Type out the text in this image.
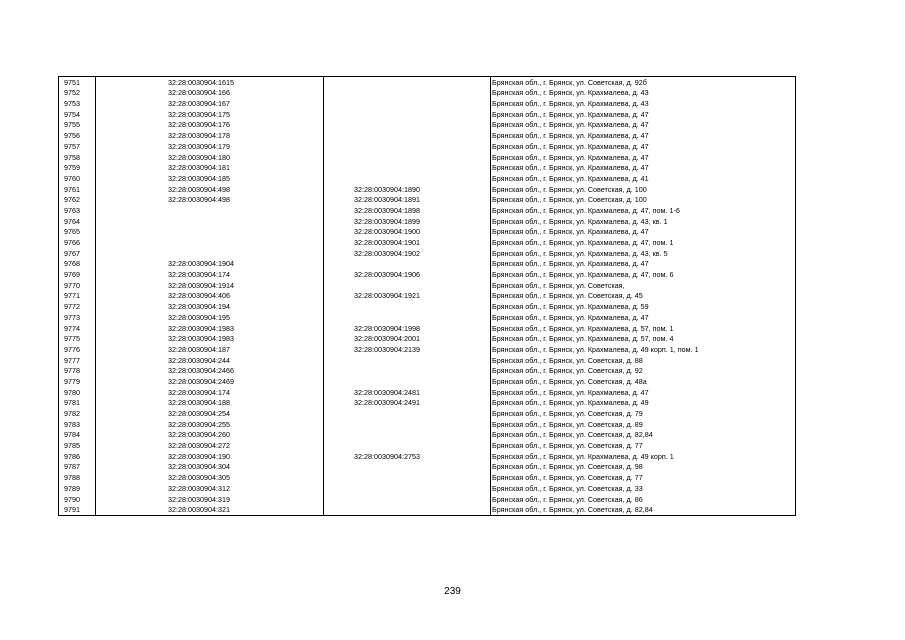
9751	32:28:0030904:1615		Брянская обл., г. Брянск, ул. Советская, д. 92б
9752	32:28:0030904:166		Брянская обл., г. Брянск, ул. Крахмалева, д. 43
9753	32:28:0030904:167		Брянская обл., г. Брянск, ул. Крахмалева, д. 43
9754	32:28:0030904:175		Брянская обл., г. Брянск, ул. Крахмалева, д. 47
9755	32:28:0030904:176		Брянская обл., г. Брянск, ул. Крахмалева, д. 47
9756	32:28:0030904:178		Брянская обл., г. Брянск, ул. Крахмалева, д. 47
9757	32:28:0030904:179		Брянская обл., г. Брянск, ул. Крахмалева, д. 47
9758	32:28:0030904:180		Брянская обл., г. Брянск, ул. Крахмалева, д. 47
9759	32:28:0030904:181		Брянская обл., г. Брянск, ул. Крахмалева, д. 47
9760	32:28:0030904:185		Брянская обл., г. Брянск, ул. Крахмалева, д. 41
9761	32:28:0030904:498	32:28:0030904:1890	Брянская обл., г. Брянск, ул. Советская, д. 100
9762	32:28:0030904:498	32:28:0030904:1891	Брянская обл., г. Брянск, ул. Советская, д. 100
9763		32:28:0030904:1898	Брянская обл., г. Брянск, ул. Крахмалева, д. 47, пом. 1-6
9764		32:28:0030904:1899	Брянская обл., г. Брянск, ул. Крахмалева, д. 43, кв. 1
9765		32:28:0030904:1900	Брянская обл., г. Брянск, ул. Крахмалева, д. 47
9766		32:28:0030904:1901	Брянская обл., г. Брянск, ул. Крахмалева, д. 47, пом. 1
9767		32:28:0030904:1902	Брянская обл., г. Брянск, ул. Крахмалева, д. 43, кв. 5
9768	32:28:0030904:1904		Брянская обл., г. Брянск, ул. Крахмалева, д. 47
9769	32:28:0030904:174	32:28:0030904:1906	Брянская обл., г. Брянск, ул. Крахмалева, д. 47, пом. 6
9770	32:28:0030904:1914		Брянская обл., г. Брянск, ул. Советская,
9771	32:28:0030904:406	32:28:0030904:1921	Брянская обл., г. Брянск, ул. Советская, д. 45
9772	32:28:0030904:194		Брянская обл., г. Брянск, ул. Крахмалева, д. 59
9773	32:28:0030904:195		Брянская обл., г. Брянск, ул. Крахмалева, д. 47
9774	32:28:0030904:1983	32:28:0030904:1998	Брянская обл., г. Брянск, ул. Крахмалева, д. 57, пом. 1
9775	32:28:0030904:1983	32:28:0030904:2001	Брянская обл., г. Брянск, ул. Крахмалева, д. 57, пом. 4
9776	32:28:0030904:187	32:28:0030904:2139	Брянская обл., г. Брянск, ул. Крахмалева, д. 49 корп. 1, пом. 1
9777	32:28:0030904:244		Брянская обл., г. Брянск, ул. Советская, д. 88
9778	32:28:0030904:2466		Брянская обл., г. Брянск, ул. Советская, д. 92
9779	32:28:0030904:2469		Брянская обл., г. Брянск, ул. Советская, д. 48а
9780	32:28:0030904:174	32:28:0030904:2481	Брянская обл., г. Брянск, ул. Крахмалева, д. 47
9781	32:28:0030904:188	32:28:0030904:2491	Брянская обл., г. Брянск, ул. Крахмалева, д. 49
9782	32:28:0030904:254		Брянская обл., г. Брянск, ул. Советская, д. 79
9783	32:28:0030904:255		Брянская обл., г. Брянск, ул. Советская, д. 89
9784	32:28:0030904:260		Брянская обл., г. Брянск, ул. Советская, д. 82,84
9785	32:28:0030904:272		Брянская обл., г. Брянск, ул. Советская, д. 77
9786	32:28:0030904:190	32:28:0030904:2753	Брянская обл., г. Брянск, ул. Крахмалева, д. 49 корп. 1
9787	32:28:0030904:304		Брянская обл., г. Брянск, ул. Советская, д. 98
9788	32:28:0030904:305		Брянская обл., г. Брянск, ул. Советская, д. 77
9789	32:28:0030904:312		Брянская обл., г. Брянск, ул. Советская, д. 33
9790	32:28:0030904:319		Брянская обл., г. Брянск, ул. Советская, д. 86
9791	32:28:0030904:321		Брянская обл., г. Брянск, ул. Советская, д. 82,84
239
